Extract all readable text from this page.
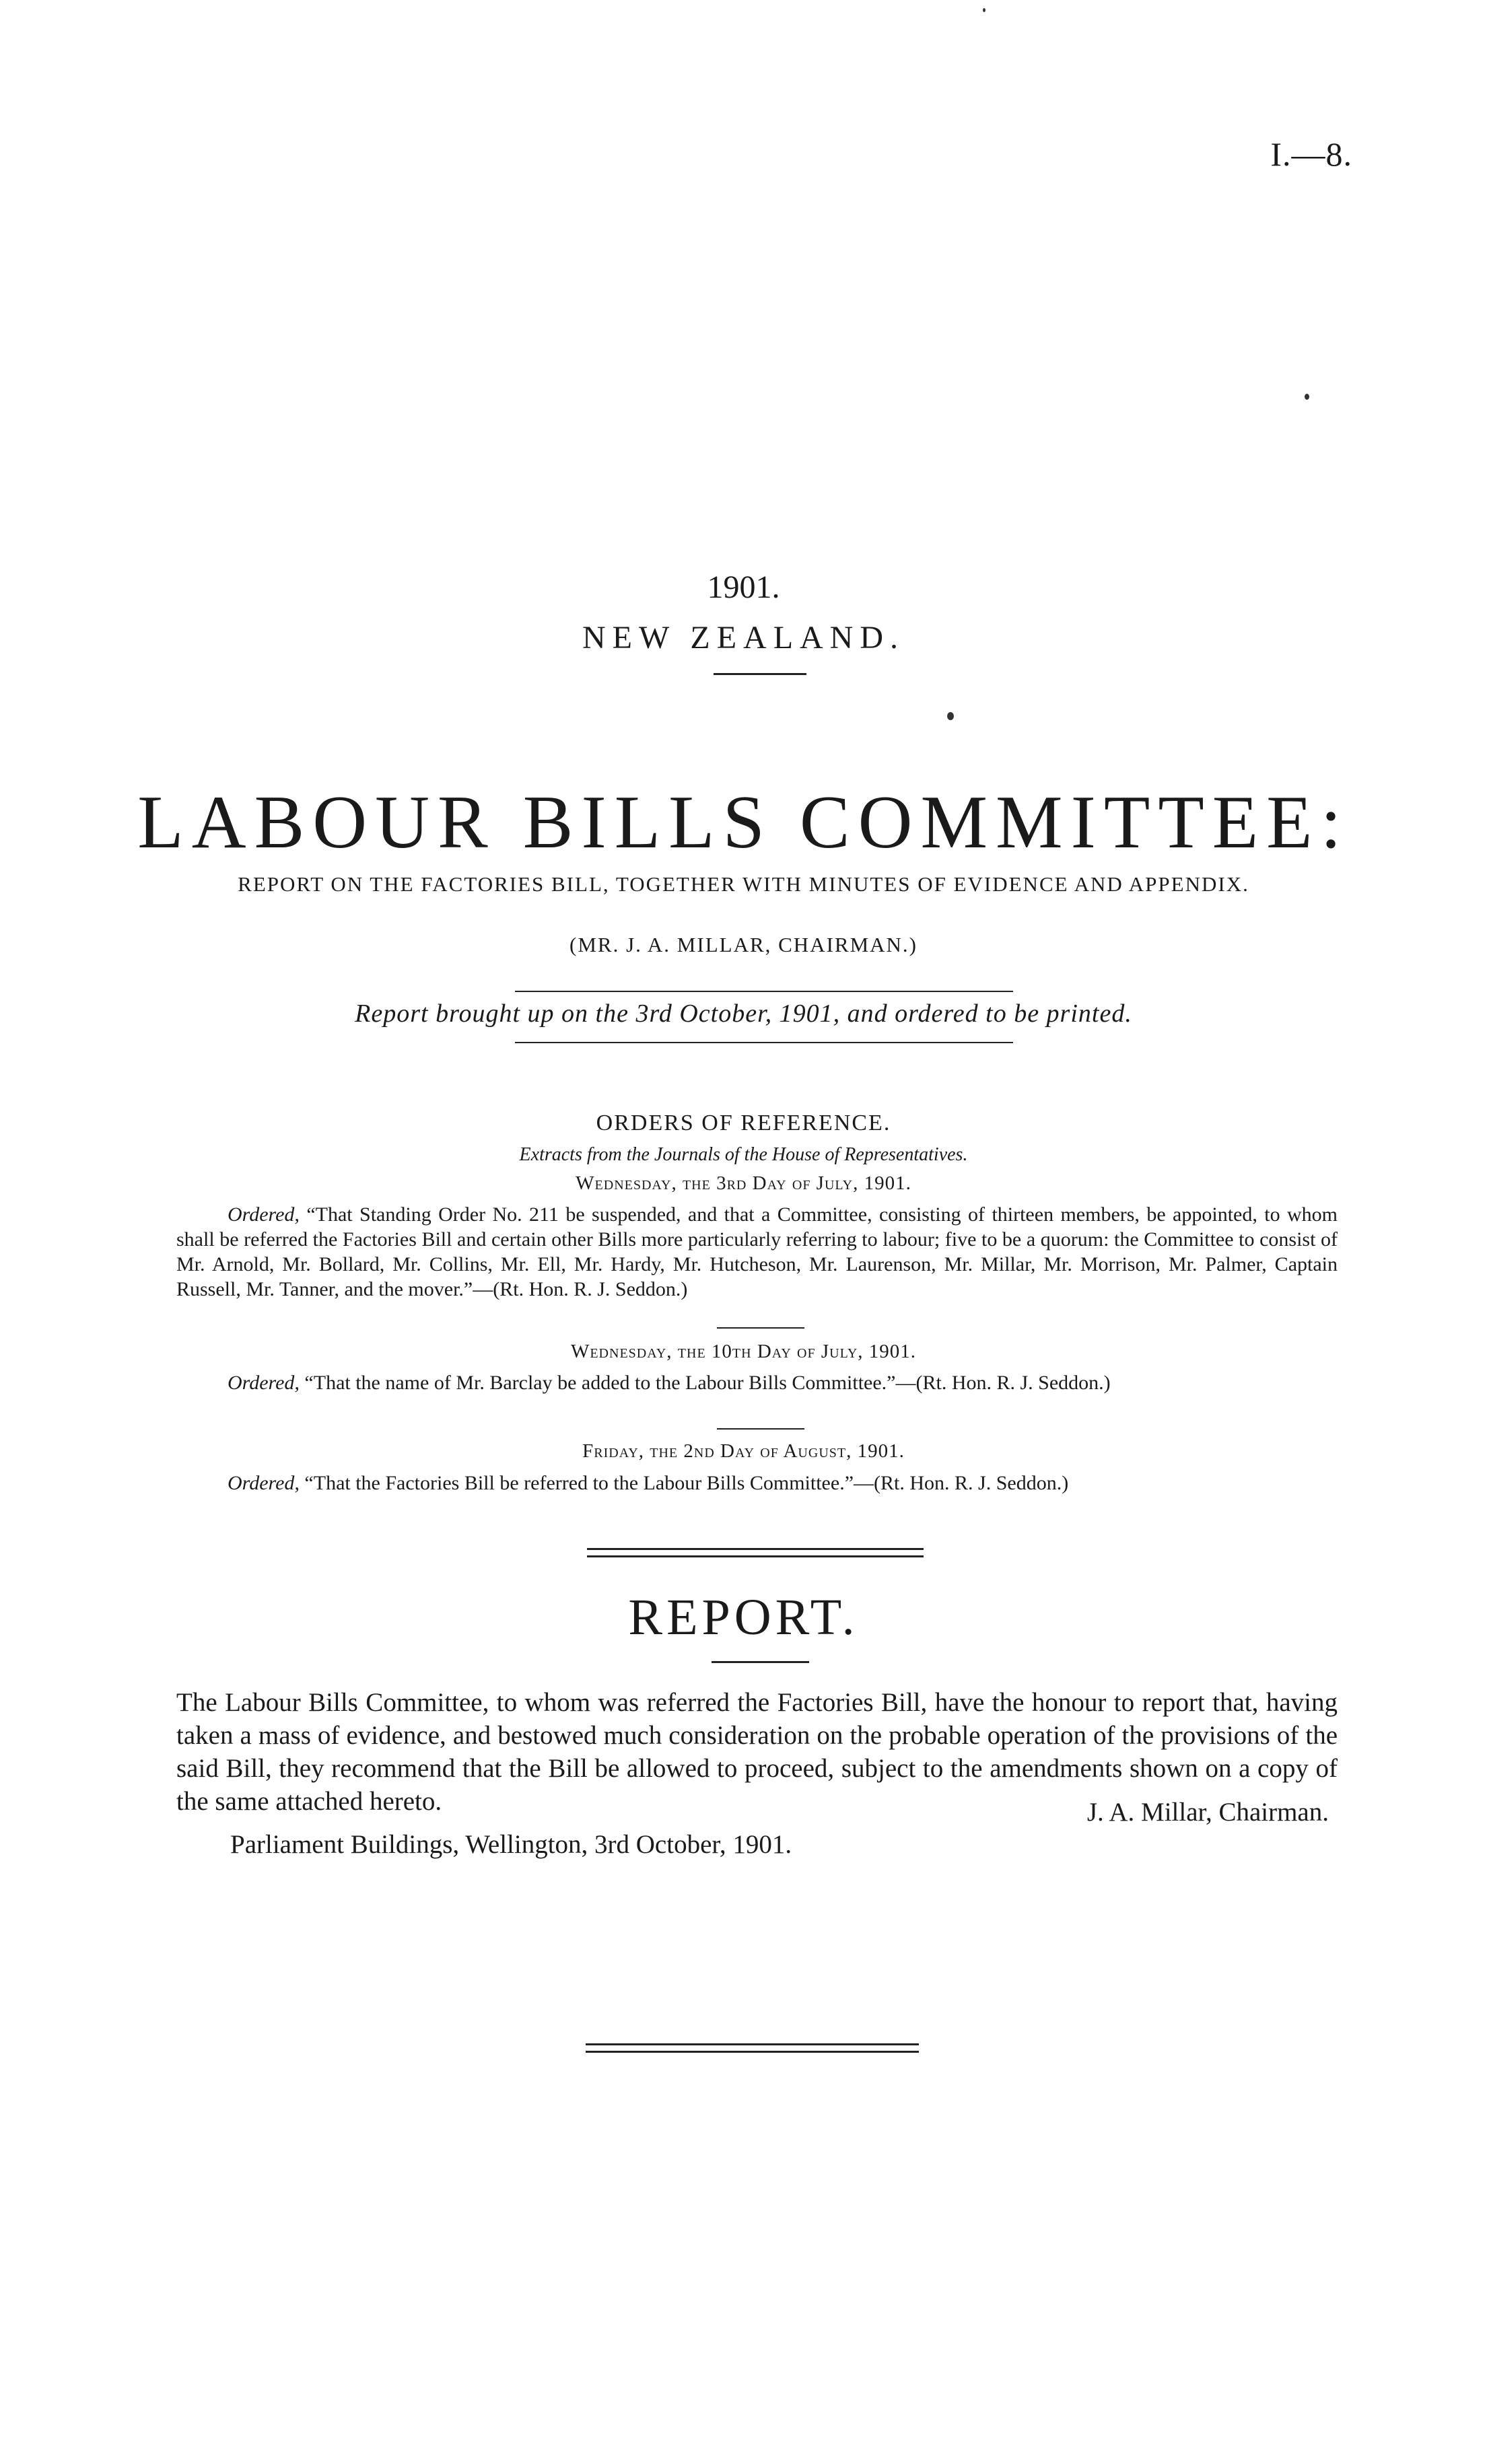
I.—8.
1901.
NEW ZEALAND.
LABOUR BILLS COMMITTEE:
REPORT ON THE FACTORIES BILL, TOGETHER WITH MINUTES OF EVIDENCE AND APPENDIX.
(MR. J. A. MILLAR, CHAIRMAN.)
Report brought up on the 3rd October, 1901, and ordered to be printed.
ORDERS OF REFERENCE.
Extracts from the Journals of the House of Representatives.
Wednesday, the 3rd Day of July, 1901.
Ordered, “That Standing Order No. 211 be suspended, and that a Committee, consisting of thirteen members, be appointed, to whom shall be referred the Factories Bill and certain other Bills more particularly referring to labour; five to be a quorum: the Committee to consist of Mr. Arnold, Mr. Bollard, Mr. Collins, Mr. Ell, Mr. Hardy, Mr. Hutcheson, Mr. Laurenson, Mr. Millar, Mr. Morrison, Mr. Palmer, Captain Russell, Mr. Tanner, and the mover.”—(Rt. Hon. R. J. Seddon.)
Wednesday, the 10th Day of July, 1901.
Ordered, “That the name of Mr. Barclay be added to the Labour Bills Committee.”—(Rt. Hon. R. J. Seddon.)
Friday, the 2nd Day of August, 1901.
Ordered, “That the Factories Bill be referred to the Labour Bills Committee.”—(Rt. Hon. R. J. Seddon.)
REPORT.
The Labour Bills Committee, to whom was referred the Factories Bill, have the honour to report that, having taken a mass of evidence, and bestowed much consideration on the probable operation of the provisions of the said Bill, they recommend that the Bill be allowed to proceed, subject to the amendments shown on a copy of the same attached hereto.	J. A. Millar, Chairman.
Parliament Buildings, Wellington, 3rd October, 1901.
